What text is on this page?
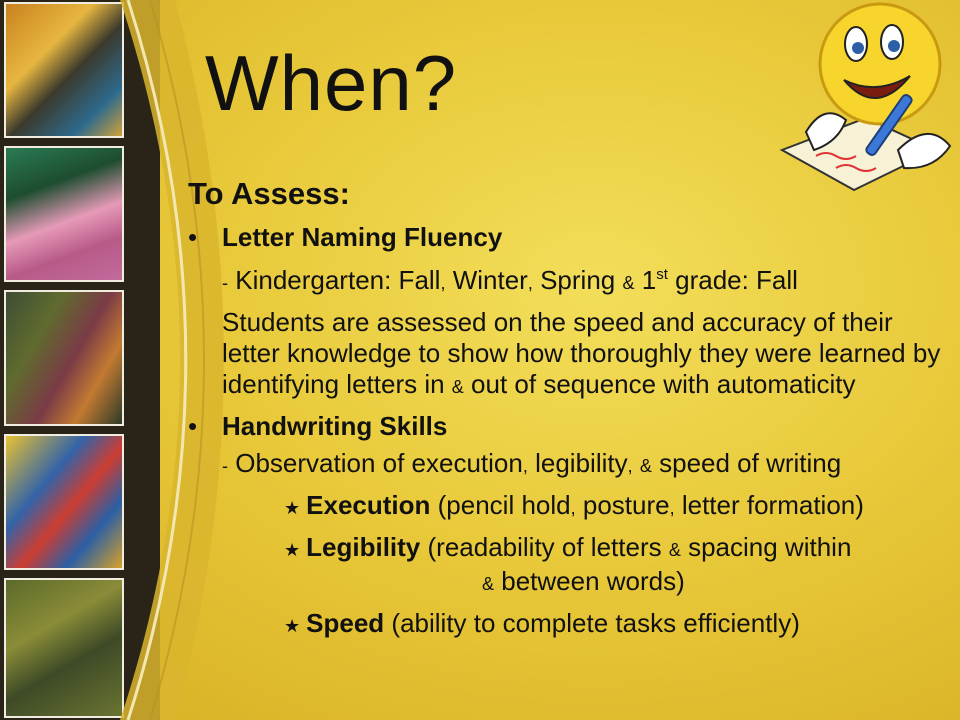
When?
To Assess:
• Letter Naming Fluency
- Kindergarten: Fall, Winter, Spring & 1st grade: Fall
Students are assessed on the speed and accuracy of their letter knowledge to show how thoroughly they were learned by identifying letters in & out of sequence with automaticity
• Handwriting Skills
- Observation of execution, legibility, & speed of writing
★ Execution (pencil hold, posture, letter formation)
★ Legibility (readability of letters & spacing within & between words)
★ Speed (ability to complete tasks efficiently)
